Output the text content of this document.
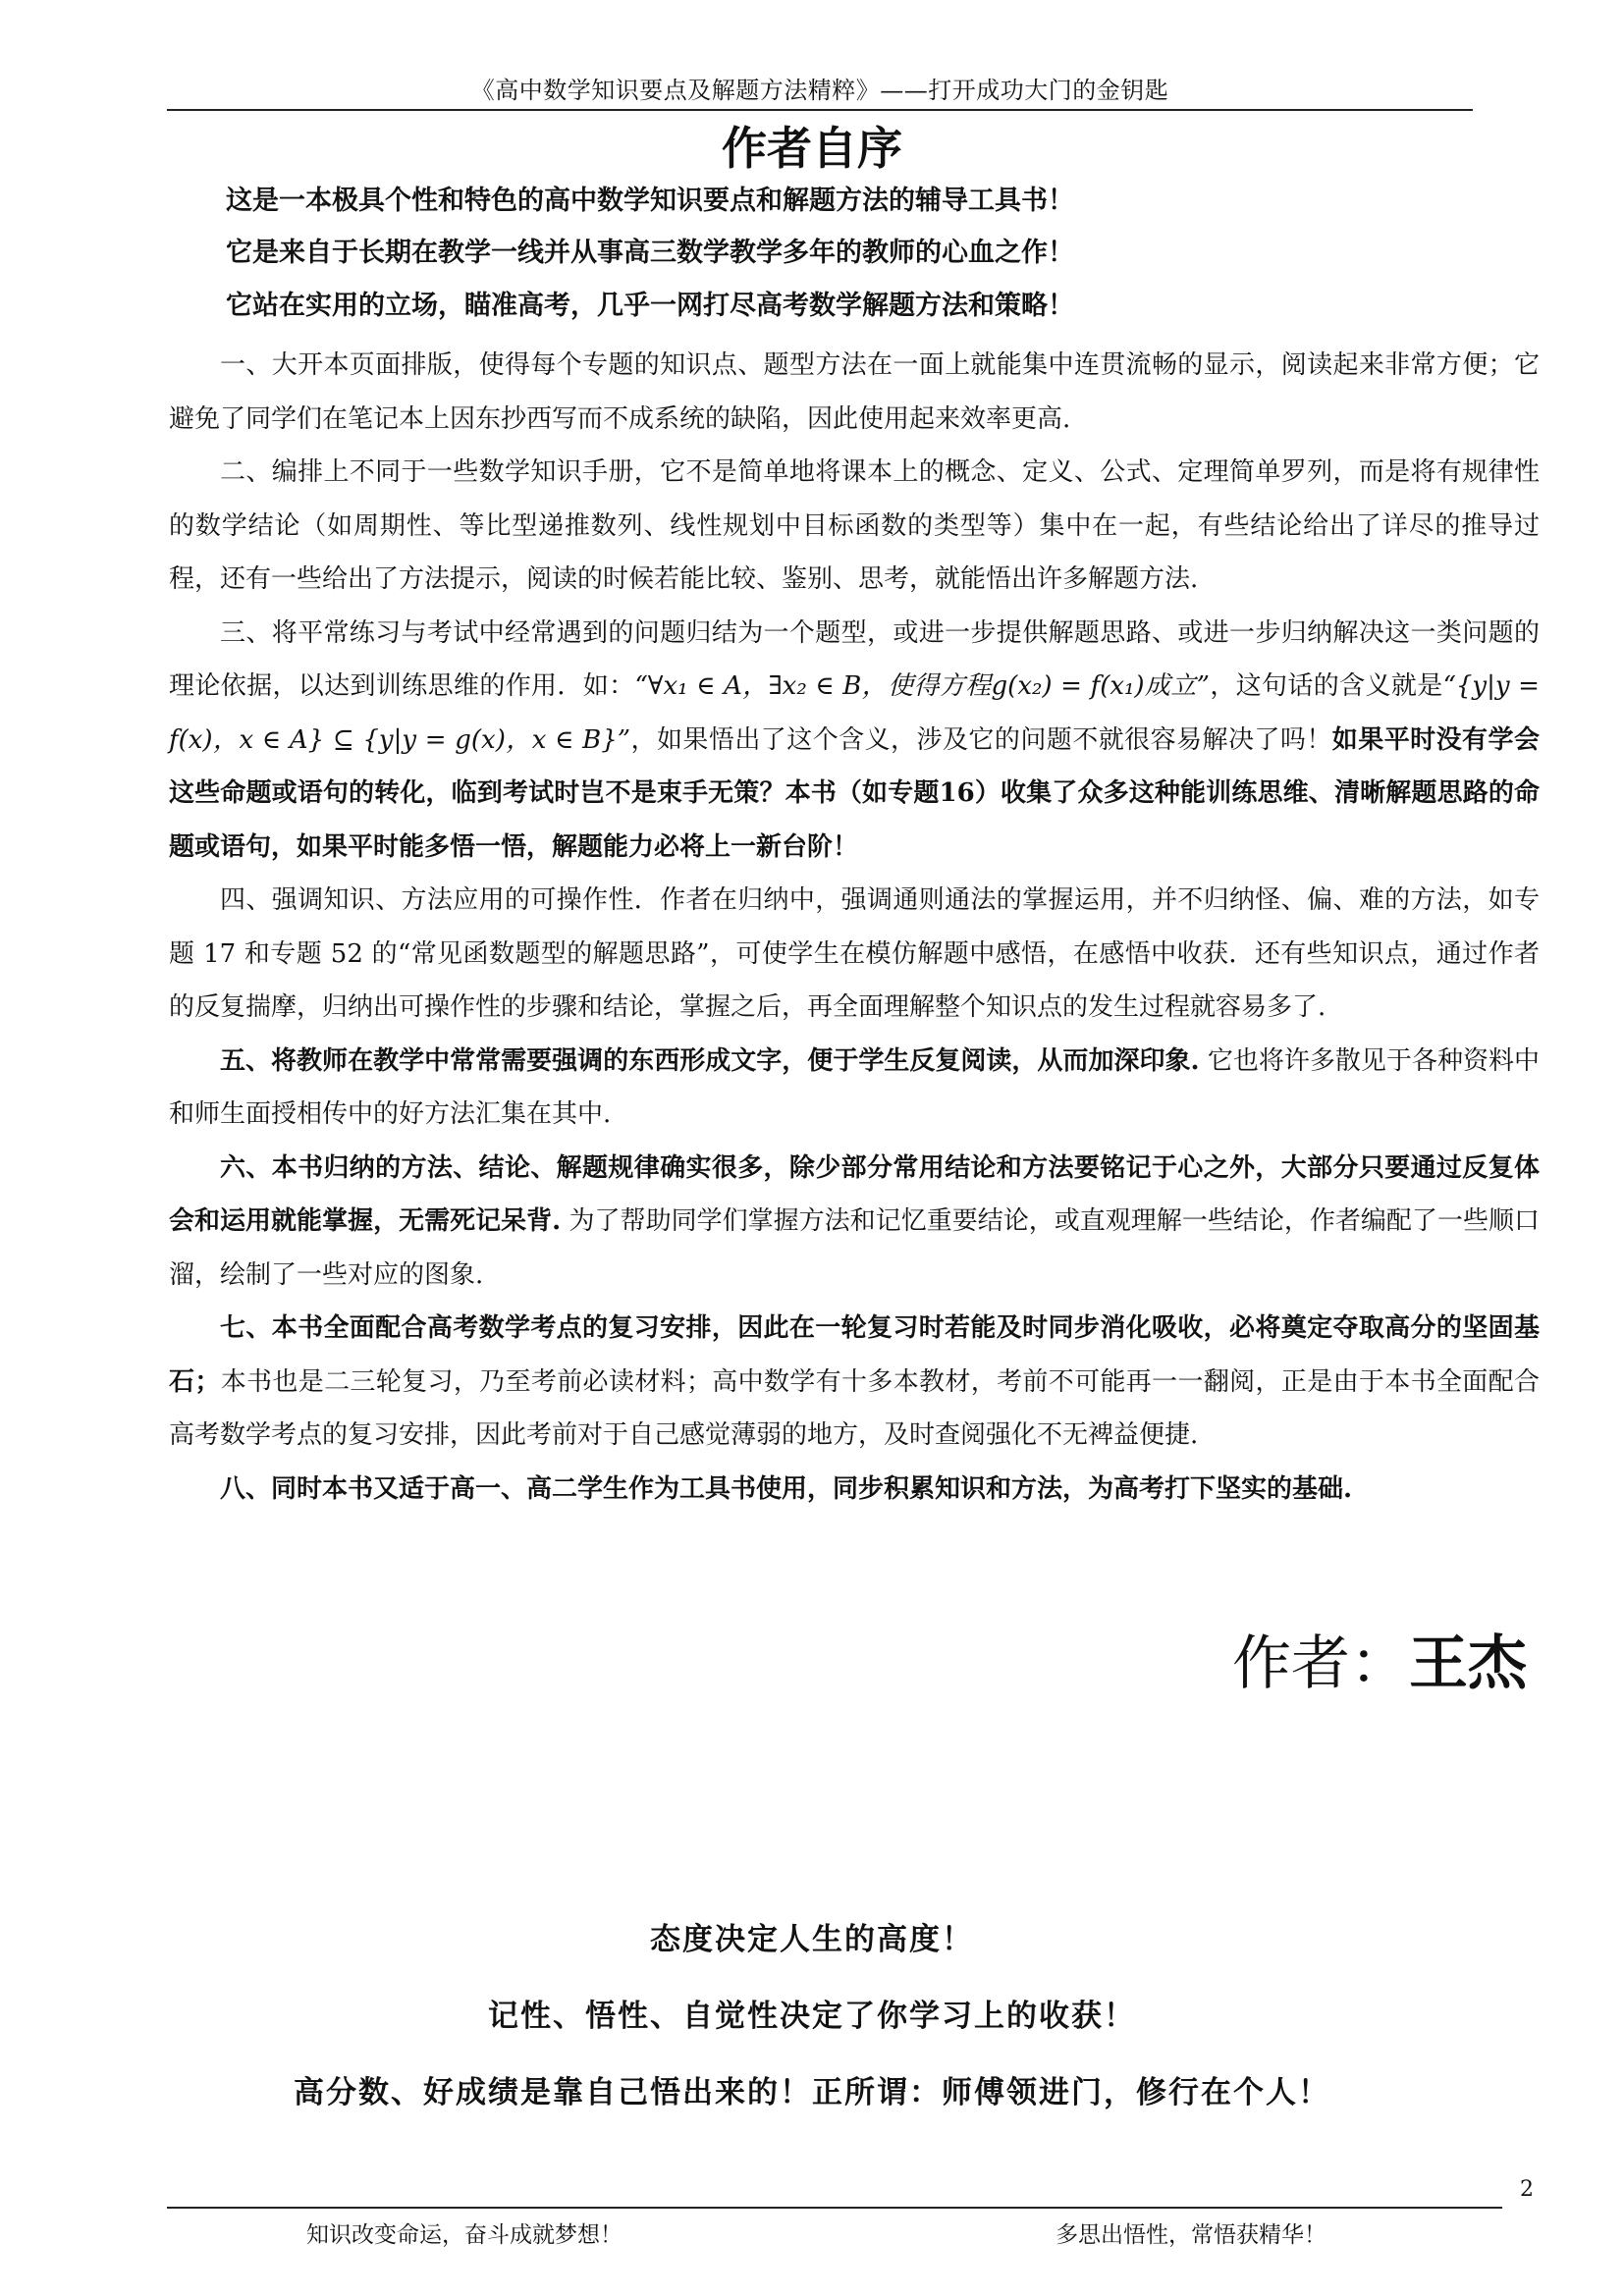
《高中数学知识要点及解题方法精粹》——打开成功大门的金钥匙
作者自序
这是一本极具个性和特色的高中数学知识要点和解题方法的辅导工具书！
它是来自于长期在教学一线并从事高三数学教学多年的教师的心血之作！
它站在实用的立场，瞄准高考，几乎一网打尽高考数学解题方法和策略！

一、大开本页面排版，使得每个专题的知识点、题型方法在一面上就能集中连贯流畅的显示，阅读起来非常方便；它避免了同学们在笔记本上因东抄西写而不成系统的缺陷，因此使用起来效率更高.

二、编排上不同于一些数学知识手册，它不是简单地将课本上的概念、定义、公式、定理简单罗列，而是将有规律性的数学结论（如周期性、等比型递推数列、线性规划中目标函数的类型等）集中在一起，有些结论给出了详尽的推导过程，还有一些给出了方法提示，阅读的时候若能比较、鉴别、思考，就能悟出许多解题方法.

三、将平常练习与考试中经常遇到的问题归结为一个题型，或进一步提供解题思路、或进一步归纳解决这一类问题的理论依据，以达到训练思维的作用．如：“∀x₁ ∈ A，∃x₂ ∈ B，使得方程g(x₂) = f(x₁)成立”，这句话的含义就是“{y|y = f(x)，x ∈ A} ⊆ {y|y = g(x)，x ∈ B}”，如果悟出了这个含义，涉及它的问题不就很容易解决了吗！如果平时没有学会这些命题或语句的转化，临到考试时岂不是束手无策？本书（如专题16）收集了众多这种能训练思维、清晰解题思路的命题或语句，如果平时能多悟一悟，解题能力必将上一新台阶！

四、强调知识、方法应用的可操作性．作者在归纳中，强调通则通法的掌握运用，并不归纳怪、偏、难的方法，如专题 17 和专题 52 的“常见函数题型的解题思路”，可使学生在模仿解题中感悟，在感悟中收获．还有些知识点，通过作者的反复揣摩，归纳出可操作性的步骤和结论，掌握之后，再全面理解整个知识点的发生过程就容易多了.

五、将教师在教学中常常需要强调的东西形成文字，便于学生反复阅读，从而加深印象. 它也将许多散见于各种资料中和师生面授相传中的好方法汇集在其中.

六、本书归纳的方法、结论、解题规律确实很多，除少部分常用结论和方法要铭记于心之外，大部分只要通过反复体会和运用就能掌握，无需死记呆背. 为了帮助同学们掌握方法和记忆重要结论，或直观理解一些结论，作者编配了一些顺口溜，绘制了一些对应的图象.

七、本书全面配合高考数学考点的复习安排，因此在一轮复习时若能及时同步消化吸收，必将奠定夺取高分的坚固基石；本书也是二三轮复习，乃至考前必读材料；高中数学有十多本教材，考前不可能再一一翻阅，正是由于本书全面配合高考数学考点的复习安排，因此考前对于自己感觉薄弱的地方，及时查阅强化不无裨益便捷.

八、同时本书又适于高一、高二学生作为工具书使用，同步积累知识和方法，为高考打下坚实的基础.

作者：王杰
态度决定人生的高度！
记性、悟性、自觉性决定了你学习上的收获！
高分数、好成绩是靠自己悟出来的！正所谓：师傅领进门，修行在个人！
2
知识改变命运，奋斗成就梦想！	多思出悟性，常悟获精华！
